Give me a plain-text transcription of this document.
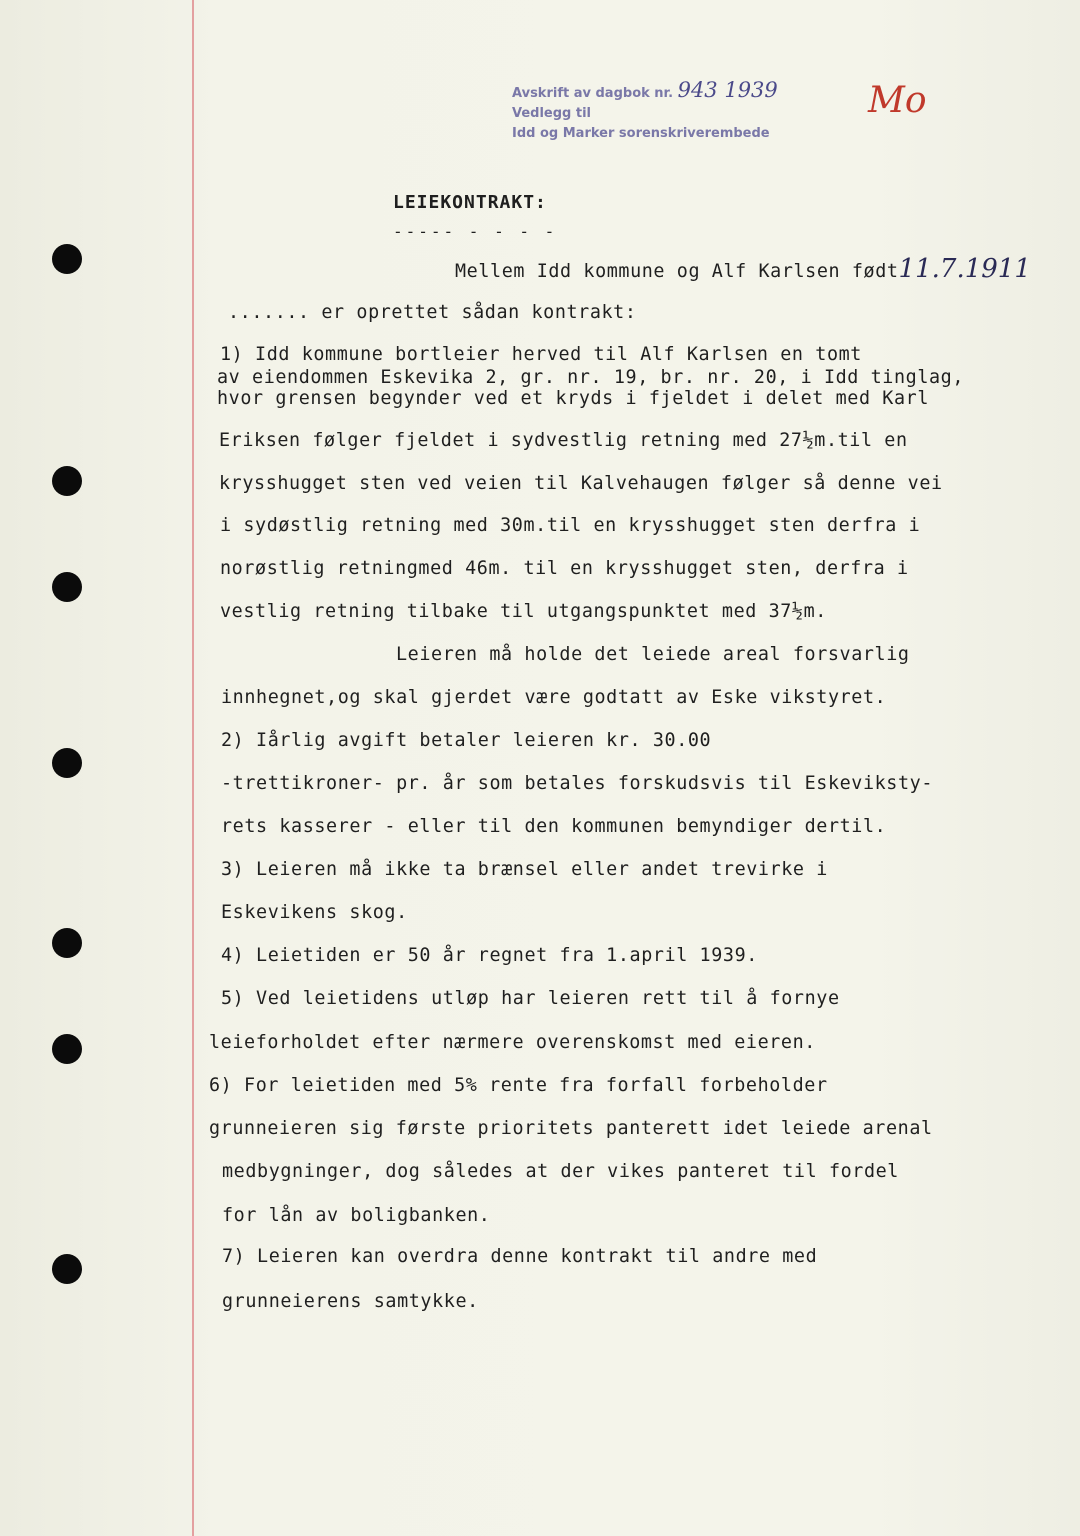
Avskrift av dagbok nr. 943 1939
Vedlegg til
Idd og Marker sorenskriverembede
Mo
LEIEKONTRAKT:
----- - - - -
Mellem Idd kommune og Alf Karlsen født11.7.1911
....... er oprettet sådan kontrakt:
1) Idd kommune bortleier herved til Alf Karlsen en tomt
av eiendommen Eskevika 2, gr. nr. 19, br. nr. 20, i Idd tinglag,
hvor grensen begynder ved et kryds i fjeldet i delet med Karl
Eriksen følger fjeldet i sydvestlig retning med 27½m.til en
krysshugget sten ved veien til Kalvehaugen følger så denne vei
i sydøstlig retning med 30m.til en krysshugget sten derfra i
norøstlig retningmed 46m. til en krysshugget sten, derfra i
vestlig retning tilbake til utgangspunktet med 37½m.
Leieren må holde det leiede areal forsvarlig
innhegnet,og skal gjerdet være godtatt av Eske vikstyret.
2) Iårlig avgift betaler leieren kr. 30.00
-trettikroner- pr. år som betales forskudsvis til Eskeviksty-
rets kasserer - eller til den kommunen bemyndiger dertil.
3) Leieren må ikke ta brænsel eller andet trevirke i
Eskevikens skog.
4) Leietiden er 50 år regnet fra 1.april 1939.
5) Ved leietidens utløp har leieren rett til å fornye
leieforholdet efter nærmere overenskomst med eieren.
6) For leietiden med 5% rente fra forfall forbeholder
grunneieren sig første prioritets panterett idet leiede arenal
medbygninger, dog således at der vikes panteret til fordel
for lån av boligbanken.
7) Leieren kan overdra denne kontrakt til andre med
grunneierens samtykke.
